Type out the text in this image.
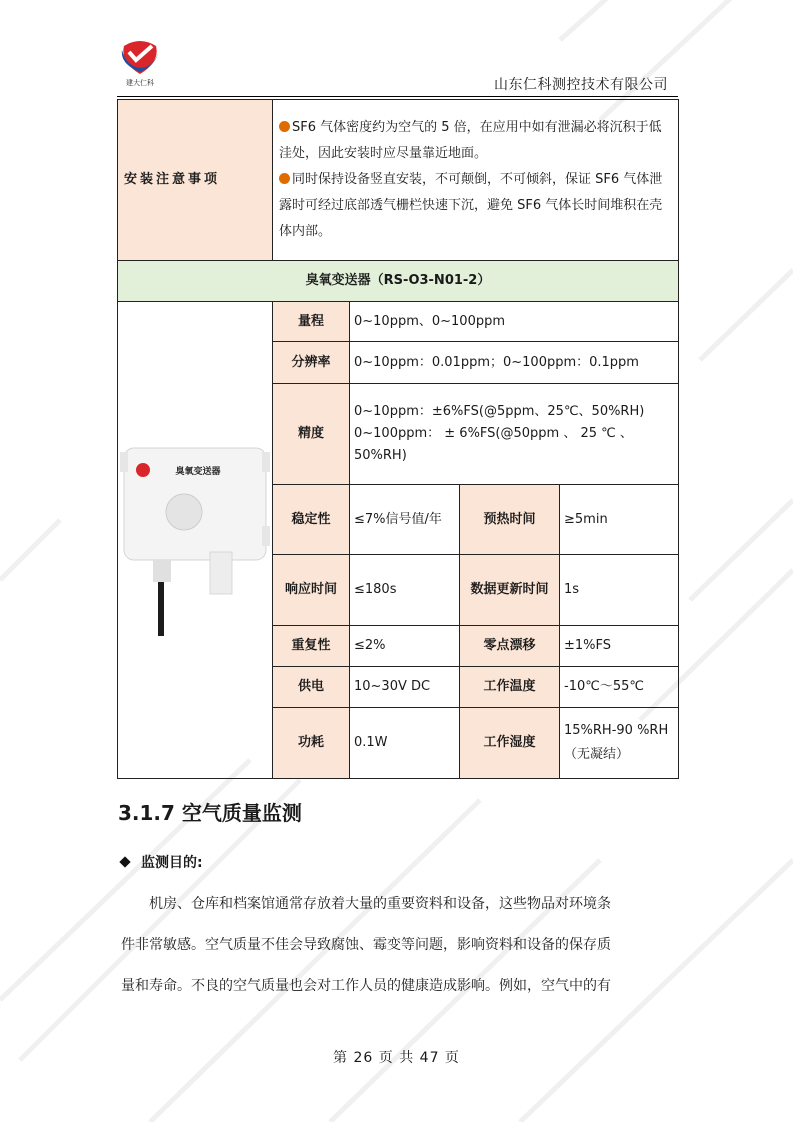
建大仁科	山东仁科测控技术有限公司
安装注意事项	SF6 气体密度约为空气的 5 倍，在应用中如有泄漏必将沉积于低洼处，因此安装时应尽量靠近地面。
同时保持设备竖直安装，不可颠倒，不可倾斜，保证 SF6 气体泄露时可经过底部透气栅栏快速下沉，避免 SF6 气体长时间堆积在壳体内部。			

臭氧变送器（RS-O3-N01-2）				

臭氧变送器	量程	0~10ppm、0~100ppm		
	分辨率	0~10ppm：0.01ppm；0~100ppm：0.1ppm		
	精度	0~10ppm：±6%FS(@5ppm、25℃、50%RH) 0~100ppm： ± 6%FS(@50ppm 、 25 ℃ 、 50%RH)		
	稳定性	≤7%信号值/年	预热时间	≥5min
	响应时间	≤180s	数据更新时间	1s
	重复性	≤2%	零点漂移	±1%FS
	供电	10~30V DC	工作温度	-10℃～55℃
	功耗	0.1W	工作湿度	15%RH-90 %RH（无凝结）
3.1.7 空气质量监测
监测目的:
机房、仓库和档案馆通常存放着大量的重要资料和设备，这些物品对环境条
件非常敏感。空气质量不佳会导致腐蚀、霉变等问题，影响资料和设备的保存质
量和寿命。不良的空气质量也会对工作人员的健康造成影响。例如，空气中的有
第 26 页 共 47 页
